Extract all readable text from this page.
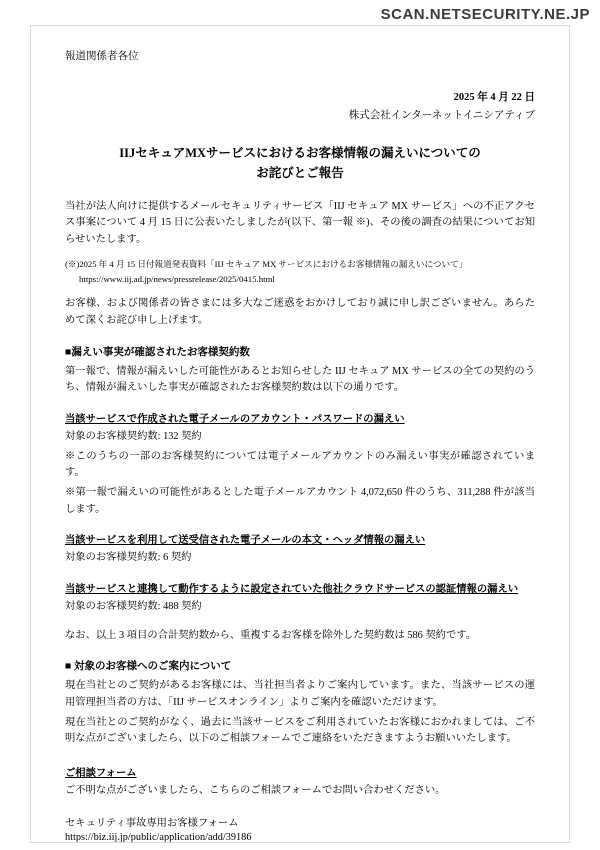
SCAN.NETSECURITY.NE.JP
報道関係者各位
2025 年 4 月 22 日
株式会社インターネットイニシアティブ
IIJセキュアMXサービスにおけるお客様情報の漏えいについての
お詫びとご報告

当社が法人向けに提供するメールセキュリティサービス「IIJ セキュア MX サービス」への不正アクセス事案について 4 月 15 日に公表いたしましたが(以下、第一報 ※)、その後の調査の結果についてお知らせいたします。

(※)2025 年 4 月 15 日付報道発表資料「IIJ セキュア MX サービスにおけるお客様情報の漏えいについて」

https://www.iij.ad.jp/news/pressrelease/2025/0415.html

お客様、および関係者の皆さまには多大なご迷惑をおかけしており誠に申し訳ございません。あらためて深くお詫び申し上げます。

■漏えい事実が確認されたお客様契約数

第一報で、情報が漏えいした可能性があるとお知らせした IIJ セキュア MX サービスの全ての契約のうち、情報が漏えいした事実が確認されたお客様契約数は以下の通りです。

当該サービスで作成された電子メールのアカウント・パスワードの漏えい

対象のお客様契約数: 132 契約

※このうちの一部のお客様契約については電子メールアカウントのみ漏えい事実が確認されています。

※第一報で漏えいの可能性があるとした電子メールアカウント 4,072,650 件のうち、311,288 件が該当します。

当該サービスを利用して送受信された電子メールの本文・ヘッダ情報の漏えい

対象のお客様契約数: 6 契約

当該サービスと連携して動作するように設定されていた他社クラウドサービスの認証情報の漏えい

対象のお客様契約数: 488 契約

なお、以上 3 項目の合計契約数から、重複するお客様を除外した契約数は 586 契約です。

■ 対象のお客様へのご案内について

現在当社とのご契約があるお客様には、当社担当者よりご案内しています。また、当該サービスの運用管理担当者の方は、「IIJ サービスオンライン」よりご案内を確認いただけます。

現在当社とのご契約がなく、過去に当該サービスをご利用されていたお客様におかれましては、ご不明な点がございましたら、以下のご相談フォームでご連絡をいただきますようお願いいたします。

ご相談フォーム

ご不明な点がございましたら、こちらのご相談フォームでお問い合わせください。

セキュリティ事故専用お客様フォーム
https://biz.iij.jp/public/application/add/39186
